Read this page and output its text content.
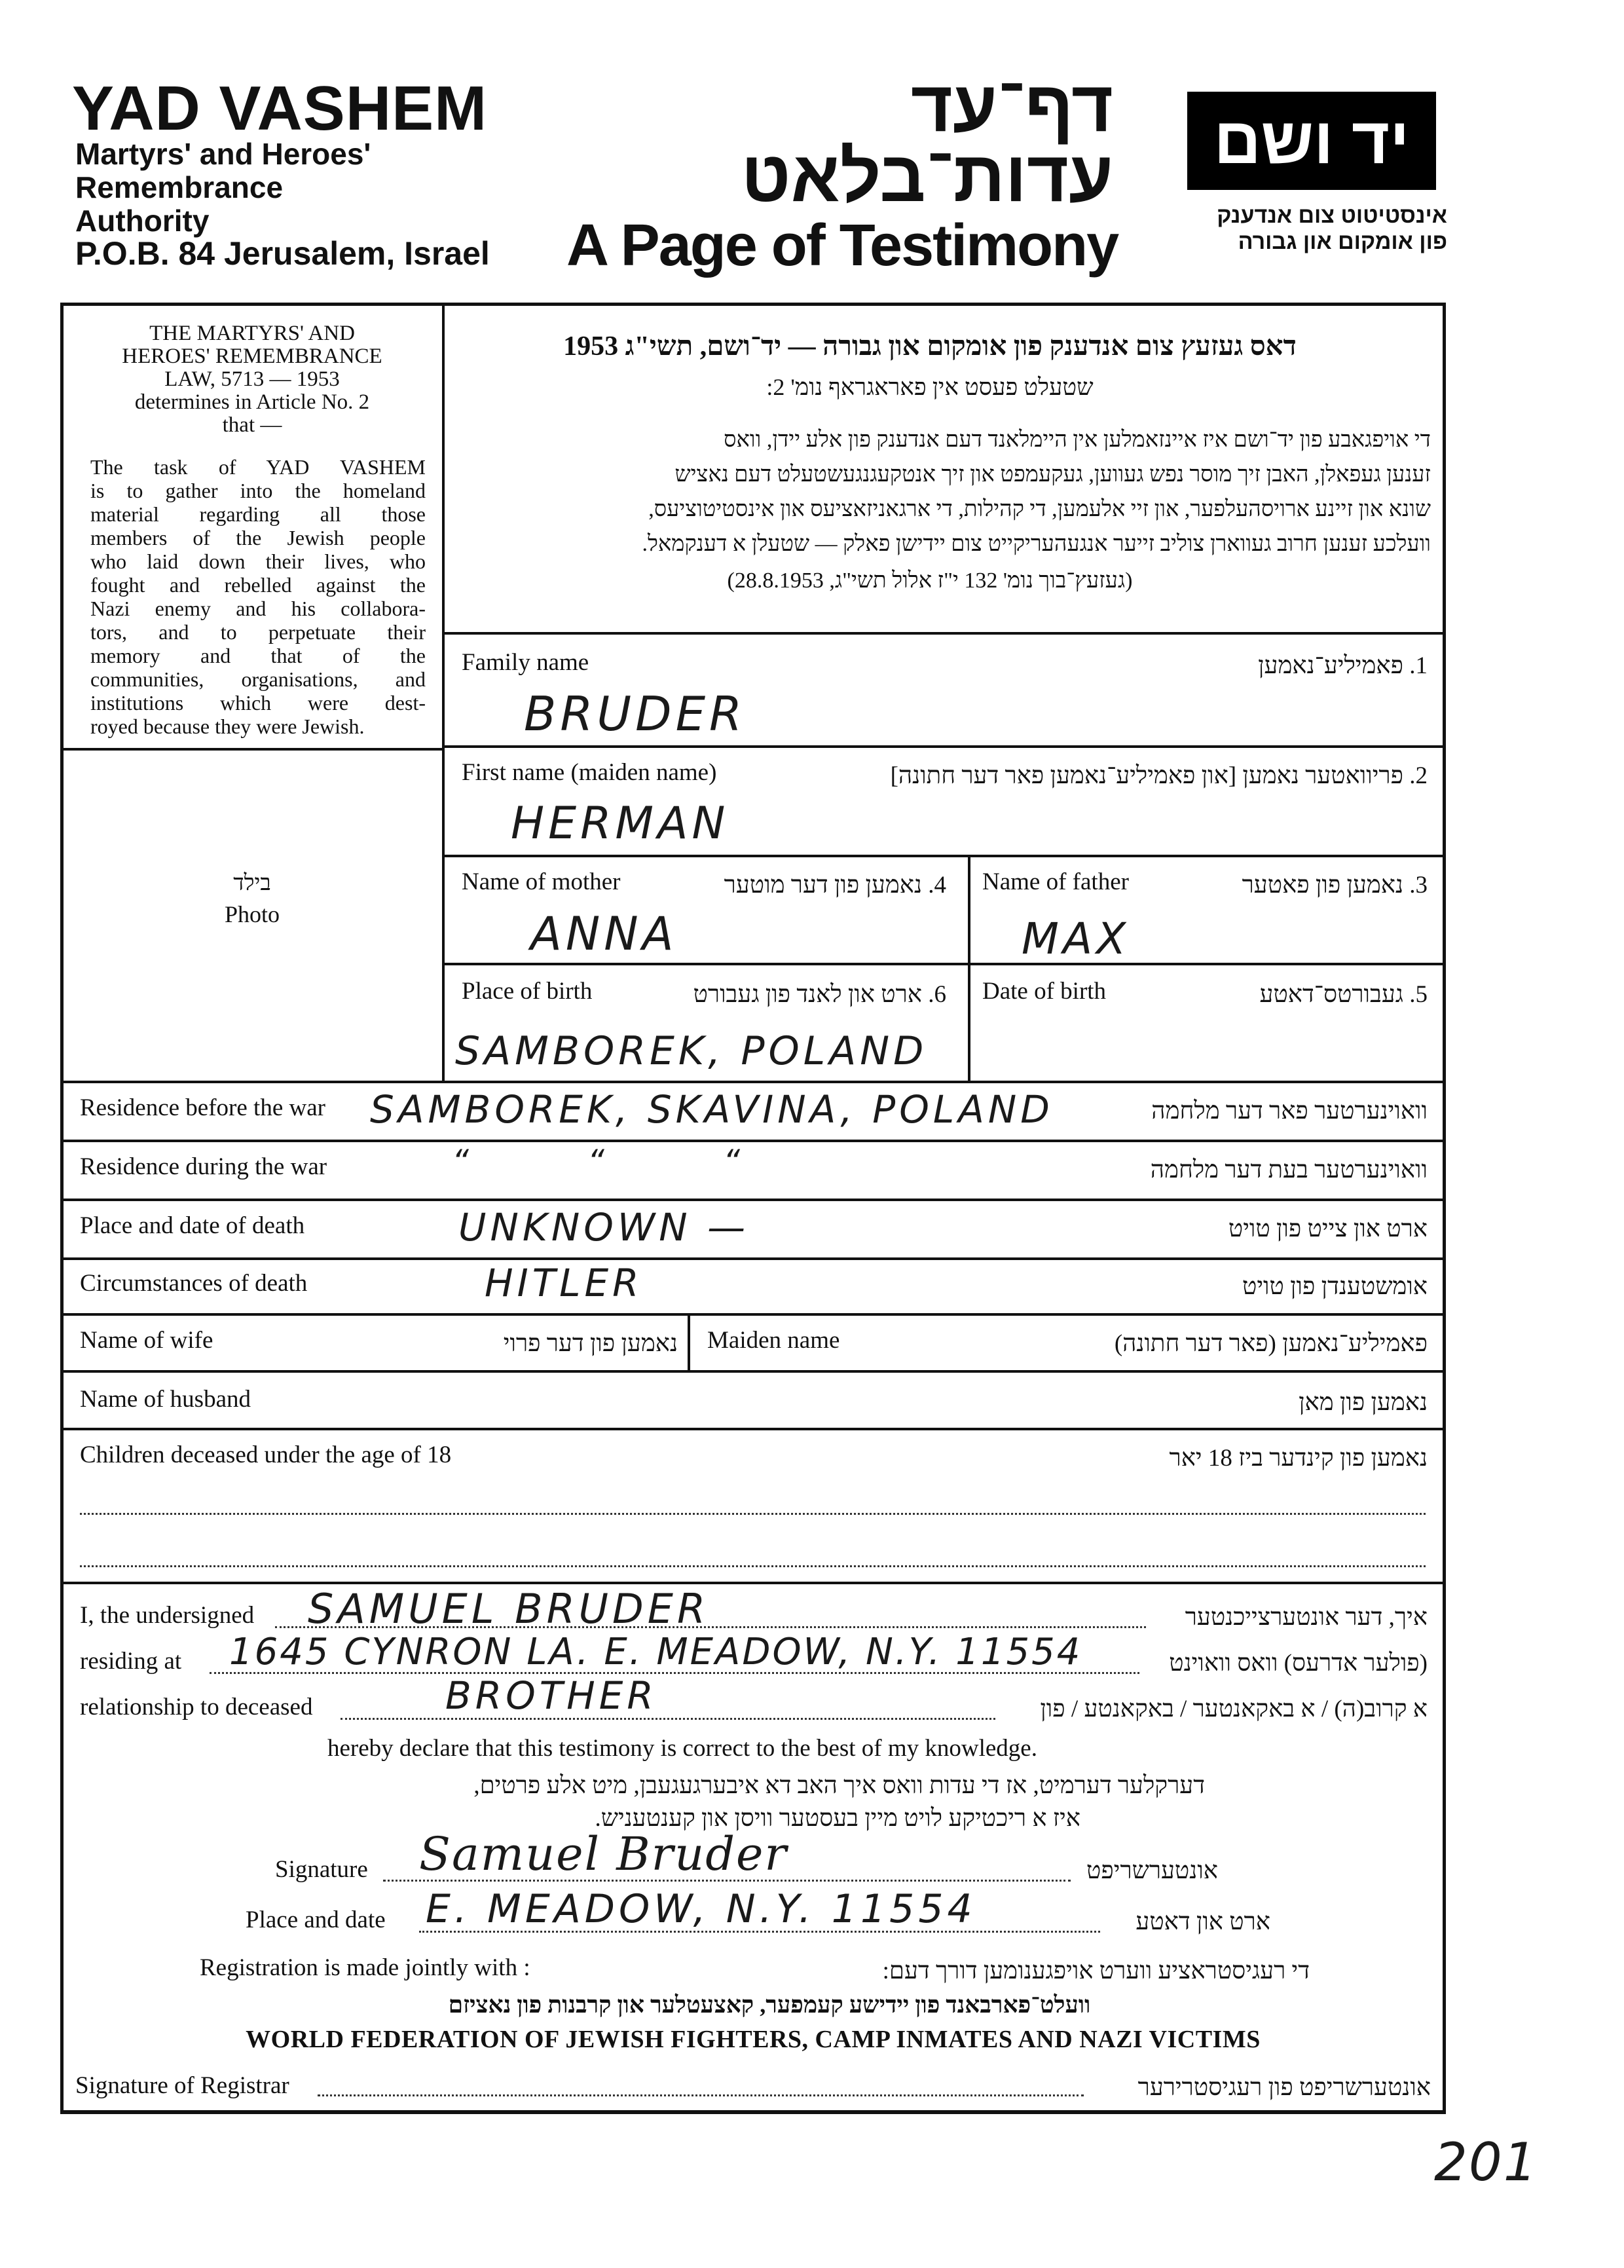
YAD VASHEM
Martyrs' and Heroes'
Remembrance
Authority
P.O.B. 84 Jerusalem, Israel
דף־עד
עדות־בלאט
A Page of Testimony
יד ושם
אינסטיטוט צום אנדענק
פון אומקום און גבורה
THE MARTYRS' AND
HEROES' REMEMBRANCE
LAW, 5713 — 1953
determines in Article No. 2
that —
The task of YAD VASHEM
is to gather into the homeland
material regarding all those
members of the Jewish people
who laid down their lives, who
fought and rebelled against the
Nazi enemy and his collabora-
tors, and to perpetuate their
memory and that of the
communities, organisations, and
institutions which were dest-
royed because they were Jewish.
דאס געזעץ צום אנדענק פון אומקום און גבורה — יד־ושם, תשי"ג 1953
שטעלט פעסט אין פאראגראף נומ' 2:
די אויפגאבע פון יד־ושם איז איינזאמלען אין היימלאנד דעם אנדענק פון אלע יידן, וואס
זענען געפאלן, האבן זיך מוסר נפש געווען, געקעמפט און זיך אנטקעגנגעשטעלט דעם נאציש
שונא און זיינע ארויסהעלפער, און זיי אלעמען, די קהילות, די ארגאניזאציעס און אינסטיטוציעס,
וועלכע זענען חרוב געווארן צוליב זייער אנגעהעריקייט צום יידישן פאלק — שטעלן א דענקמאל.
(געזעץ־בוך נומ' 132 י"ז אלול תשי"ג, 28.8.1953)
בילד
Photo
Family name	1. פאמיליע־נאמען
BRUDER
First name (maiden name)	2. פריוואטער נאמען [און פאמיליע־נאמען פאר דער חתונה]
HERMAN
Name of mother	4. נאמען פון דער מוטער
ANNA
Name of father	3. נאמען פון פאטער
MAX
Place of birth	6. ארט און לאנד פון געבורט
SAMBOREK, POLAND
Date of birth	5. געבורטס־דאטע
Residence before the war	וואוינערטער פאר דער מלחמה
SAMBOREK, SKAVINA, POLAND
Residence during the war	וואוינערטער בעת דער מלחמה
“        “        “
Place and date of death	ארט און צייט פון טויט
UNKNOWN —
Circumstances of death	אומשטענדן פון טויט
HITLER
Name of wife	נאמען פון דער פרוי Maiden name	פאמיליע־נאמען (פאר דער חתונה)
Name of husband	נאמען פון מאן
Children deceased under the age of 18	נאמען פון קינדער ביז 18 יאר
I, the undersigned SAMUEL BRUDER	איך, דער אונטערצייכנטער
residing at 1645 CYNRON LA. E. MEADOW, N.Y. 11554	(פולער אדרעס) וואס וואוינט
relationship to deceased	BROTHER	א קרוב(ה) / א באקאנטער / באקאנטע / פון
hereby declare that this testimony is correct to the best of my knowledge.
דערקלער דערמיט, אז די עדות וואס איך האב דא איבערגעגעבן, מיט אלע פרטים,
איז א ריכטיקע לויט מיין בעסטער וויסן און קענטעניש.
Signature Samuel Bruder	אונטערשריפט
Place and date E. MEADOW, N.Y. 11554	ארט און דאטע
Registration is made jointly with :	די רעגיסטראציע ווערט אויפגענומען דורך דעם:
וועלט־פארבאנד פון יידישע קעמפער, קאצעטלער און קרבנות פון נאציזם
WORLD FEDERATION OF JEWISH FIGHTERS, CAMP INMATES AND NAZI VICTIMS
Signature of Registrar	אונטערשריפט פון רעגיסטרירער
201
